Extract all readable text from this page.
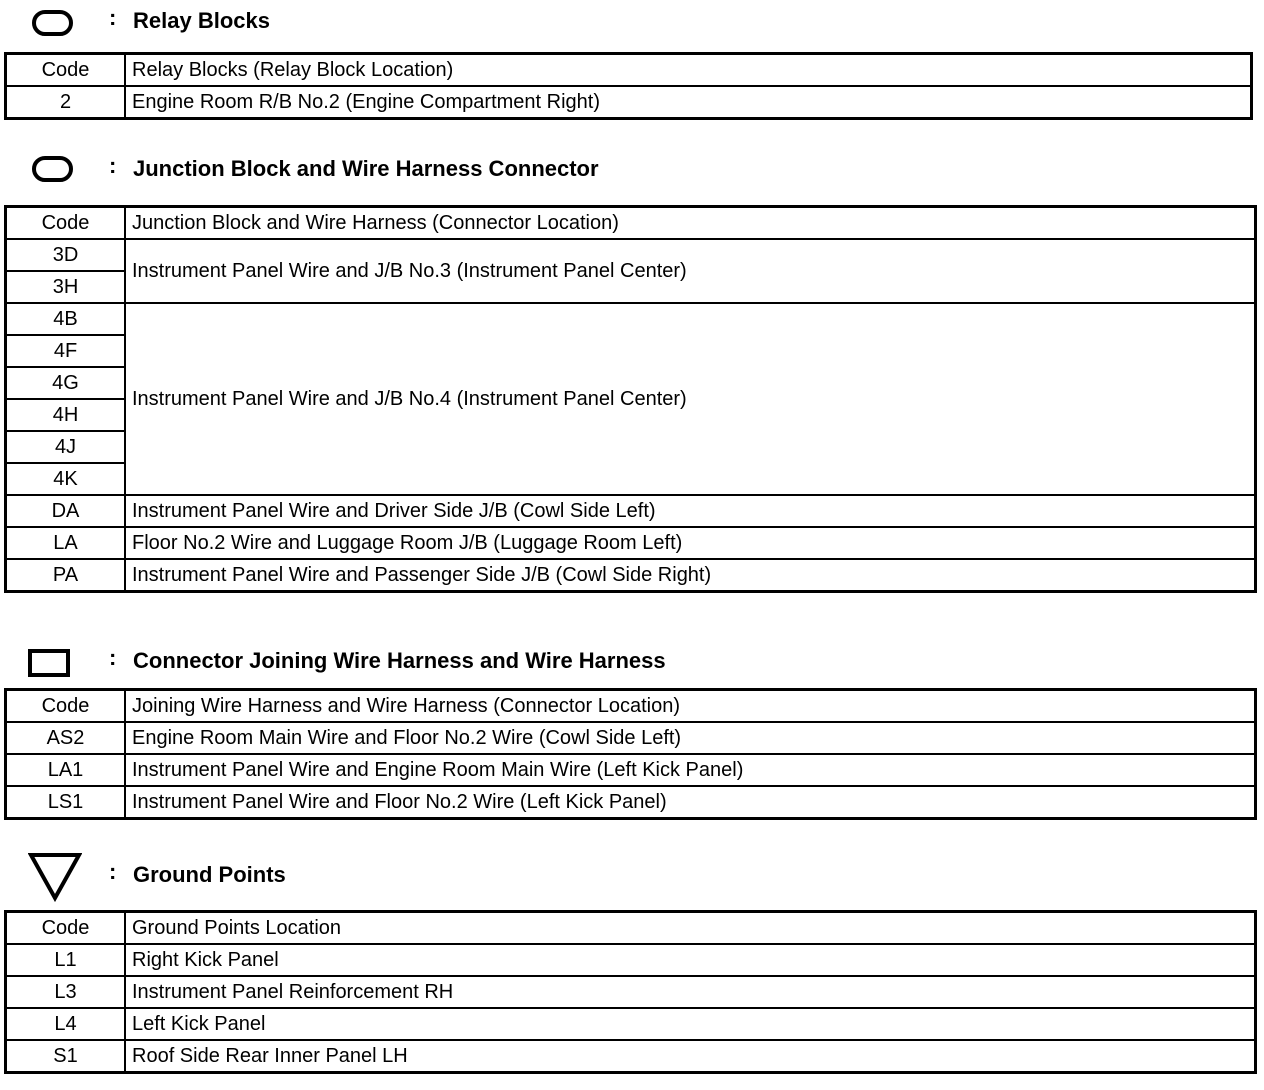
: Relay Blocks
Code	Relay Blocks (Relay Block Location)
2	Engine Room R/B No.2 (Engine Compartment Right)
: Junction Block and Wire Harness Connector
Code	Junction Block and Wire Harness (Connector Location)
3D	Instrument Panel Wire and J/B No.3 (Instrument Panel Center)
3H	
4B	Instrument Panel Wire and J/B No.4 (Instrument Panel Center)
4F	
4G	
4H	
4J	
4K	
DA	Instrument Panel Wire and Driver Side J/B (Cowl Side Left)
LA	Floor No.2 Wire and Luggage Room J/B (Luggage Room Left)
PA	Instrument Panel Wire and Passenger Side J/B (Cowl Side Right)
: Connector Joining Wire Harness and Wire Harness
Code	Joining Wire Harness and Wire Harness (Connector Location)
AS2	Engine Room Main Wire and Floor No.2 Wire (Cowl Side Left)
LA1	Instrument Panel Wire and Engine Room Main Wire (Left Kick Panel)
LS1	Instrument Panel Wire and Floor No.2 Wire (Left Kick Panel)
: Ground Points
Code	Ground Points Location
L1	Right Kick Panel
L3	Instrument Panel Reinforcement RH
L4	Left Kick Panel
S1	Roof Side Rear Inner Panel LH
